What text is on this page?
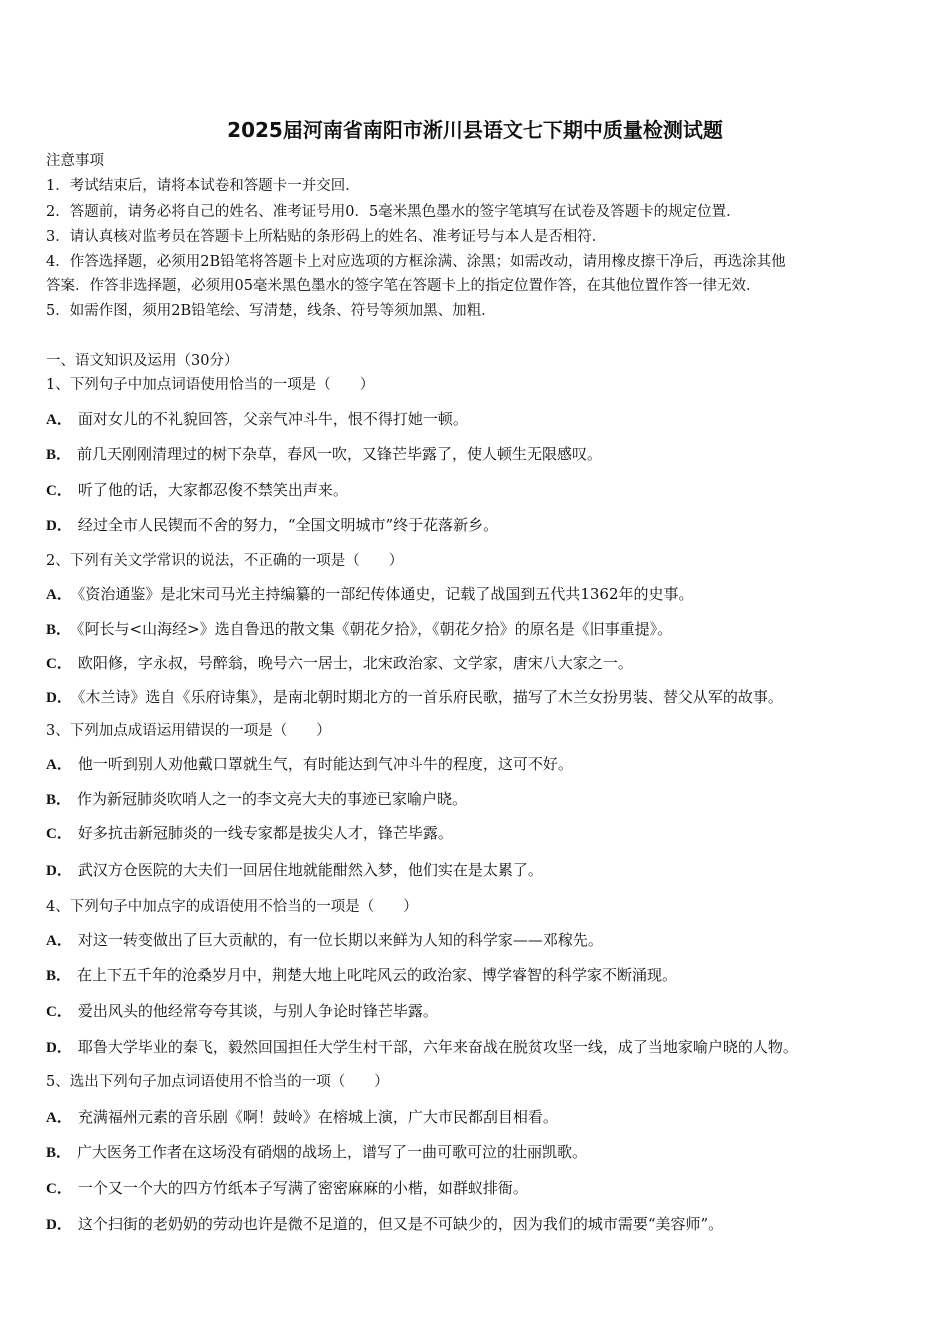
2025届河南省南阳市淅川县语文七下期中质量检测试题
注意事项
1．考试结束后，请将本试卷和答题卡一并交回．
2．答题前，请务必将自己的姓名、准考证号用0．5毫米黑色墨水的签字笔填写在试卷及答题卡的规定位置．
3．请认真核对监考员在答题卡上所粘贴的条形码上的姓名、准考证号与本人是否相符．
4．作答选择题，必须用2B铅笔将答题卡上对应选项的方框涂满、涂黑；如需改动，请用橡皮擦干净后，再选涂其他
答案．作答非选择题，必须用05毫米黑色墨水的签字笔在答题卡上的指定位置作答，在其他位置作答一律无效．
5．如需作图，须用2B铅笔绘、写清楚，线条、符号等须加黑、加粗．
一、语文知识及运用（30分）
1、下列句子中加点词语使用恰当的一项是（　　）
A． 面对女儿的不礼貌回答，父亲气冲斗牛，恨不得打她一顿。
B． 前几天刚刚清理过的树下杂草，春风一吹，又锋芒毕露了，使人顿生无限感叹。
C． 听了他的话，大家都忍俊不禁笑出声来。
D． 经过全市人民锲而不舍的努力，“全国文明城市”终于花落新乡。
2、下列有关文学常识的说法，不正确的一项是（　　）
A． 《资治通鉴》是北宋司马光主持编纂的一部纪传体通史，记载了战国到五代共1362年的史事。
B． 《阿长与<山海经>》选自鲁迅的散文集《朝花夕拾》，《朝花夕拾》的原名是《旧事重提》。
C． 欧阳修，字永叔，号醉翁，晚号六一居士，北宋政治家、文学家，唐宋八大家之一。
D． 《木兰诗》选自《乐府诗集》，是南北朝时期北方的一首乐府民歌，描写了木兰女扮男装、替父从军的故事。
3、下列加点成语运用错误的一项是（　　）
A． 他一听到别人劝他戴口罩就生气，有时能达到气冲斗牛的程度，这可不好。
B． 作为新冠肺炎吹哨人之一的李文亮大夫的事迹已家喻户晓。
C． 好多抗击新冠肺炎的一线专家都是拔尖人才，锋芒毕露。
D． 武汉方仓医院的大夫们一回居住地就能酣然入梦，他们实在是太累了。
4、下列句子中加点字的成语使用不恰当的一项是（　　）
A． 对这一转变做出了巨大贡献的，有一位长期以来鲜为人知的科学家——邓稼先。
B． 在上下五千年的沧桑岁月中，荆楚大地上叱咤风云的政治家、博学睿智的科学家不断涌现。
C． 爱出风头的他经常夸夸其谈，与别人争论时锋芒毕露。
D． 耶鲁大学毕业的秦飞，毅然回国担任大学生村干部，六年来奋战在脱贫攻坚一线，成了当地家喻户晓的人物。
5、选出下列句子加点词语使用不恰当的一项（　　）
A． 充满福州元素的音乐剧《啊！鼓岭》在榕城上演，广大市民都刮目相看。
B． 广大医务工作者在这场没有硝烟的战场上，谱写了一曲可歌可泣的壮丽凯歌。
C． 一个又一个大的四方竹纸本子写满了密密麻麻的小楷，如群蚁排衙。
D． 这个扫街的老奶奶的劳动也许是微不足道的，但又是不可缺少的，因为我们的城市需要“美容师”。
